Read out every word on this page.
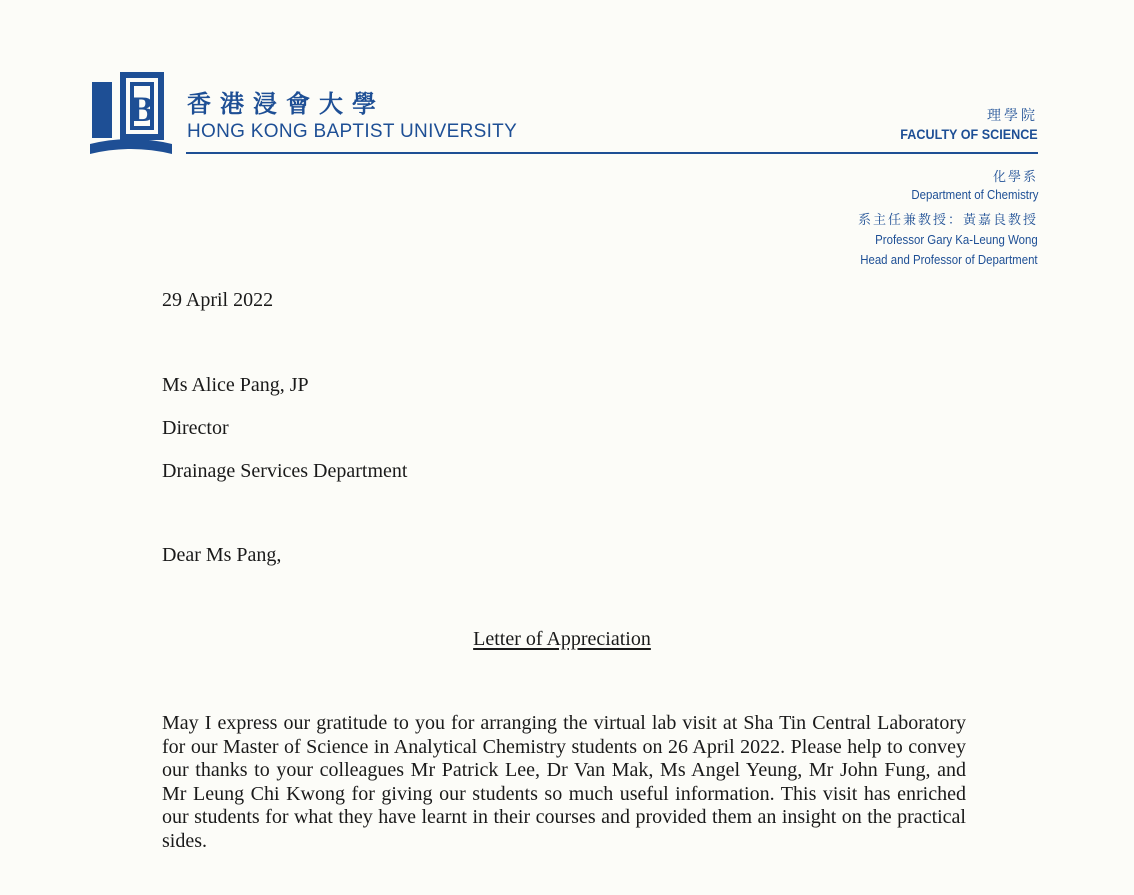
B 香港浸會大學
HONG KONG BAPTIST UNIVERSITY
理學院
FACULTY OF SCIENCE
化學系
Department of Chemistry
系主任兼教授：黃嘉良教授
Professor Gary Ka-Leung Wong
Head and Professor of Department
29 April 2022
Ms Alice Pang, JP
Director
Drainage Services Department
Dear Ms Pang,
Letter of Appreciation
May I express our gratitude to you for arranging the virtual lab visit at Sha Tin Central Laboratory for our Master of Science in Analytical Chemistry students on 26 April 2022. Please help to convey our thanks to your colleagues Mr Patrick Lee, Dr Van Mak, Ms Angel Yeung, Mr John Fung, and Mr Leung Chi Kwong for giving our students so much useful information. This visit has enriched our students for what they have learnt in their courses and provided them an insight on the practical sides.
